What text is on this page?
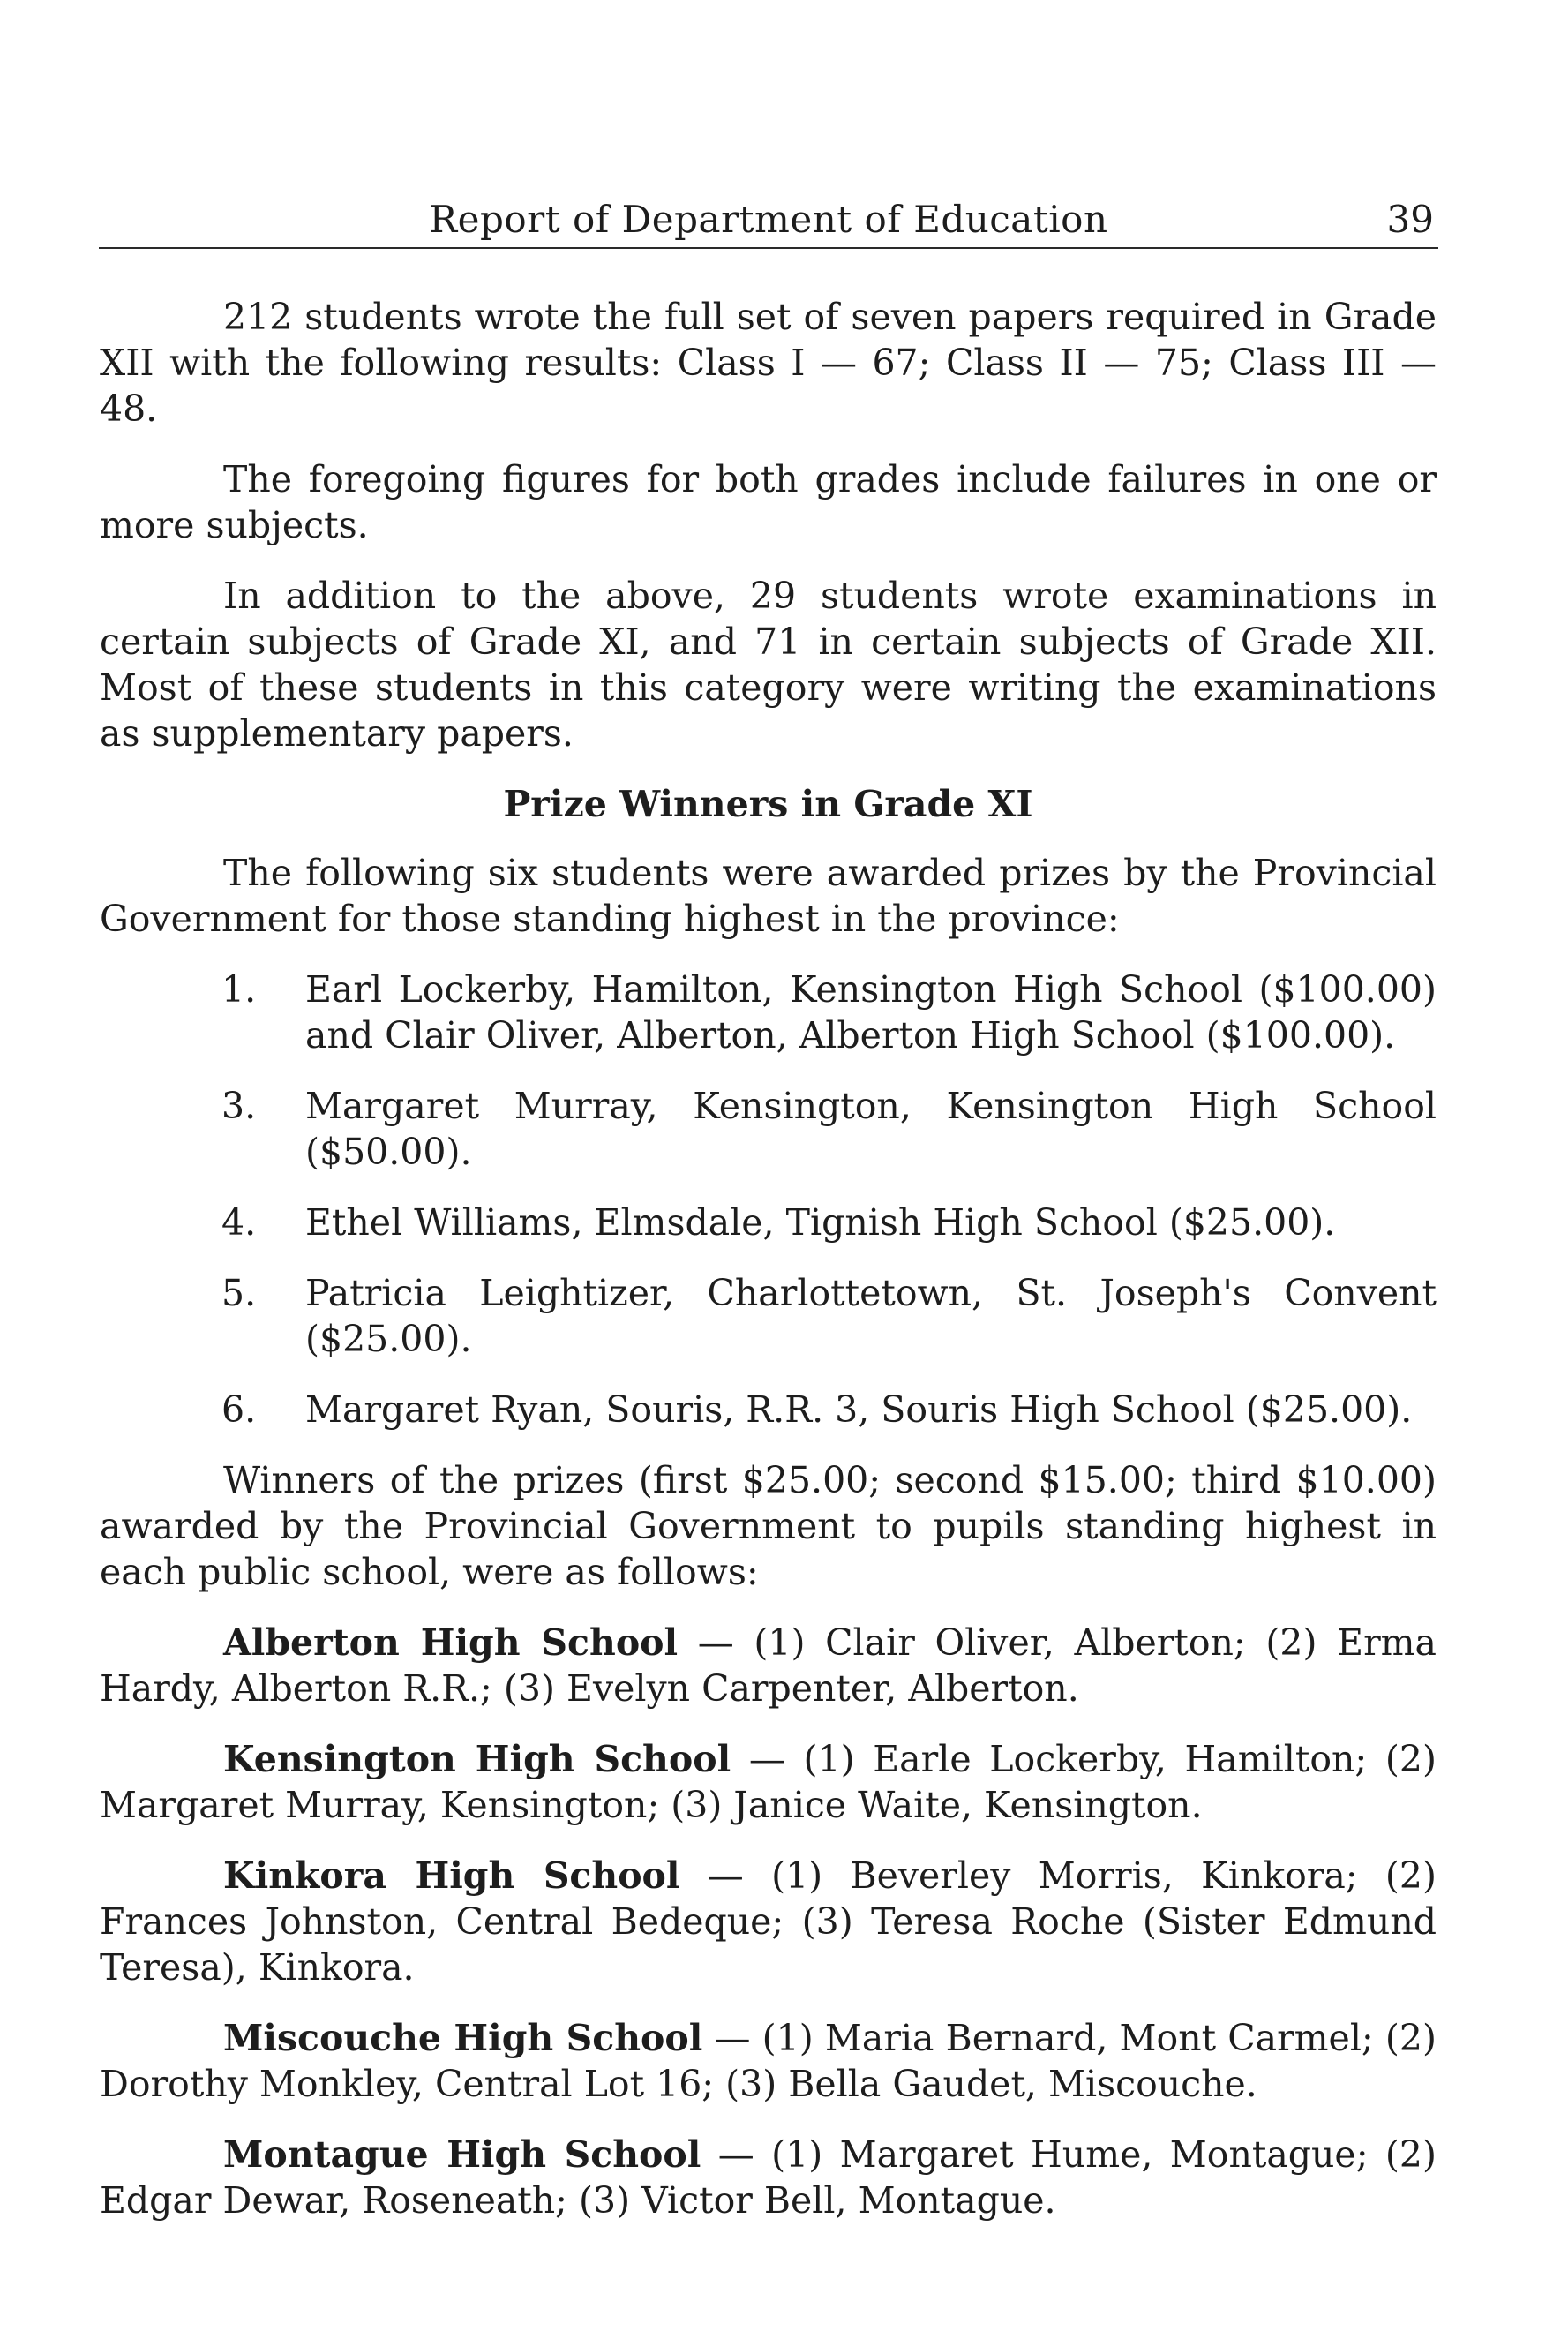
Report of Department of Education	39

212 students wrote the full set of seven papers required in Grade XII with the following results: Class I — 67; Class II — 75; Class III — 48.

The foregoing figures for both grades include failures in one or more subjects.

In addition to the above, 29 students wrote examinations in certain subjects of Grade XI, and 71 in certain subjects of Grade XII. Most of these students in this category were writing the examinations as supplementary papers.

Prize Winners in Grade XI

The following six students were awarded prizes by the Provincial Government for those standing highest in the province:

1. Earl Lockerby, Hamilton, Kensington High School ($100.00) and Clair Oliver, Alberton, Alberton High School ($100.00).
3. Margaret Murray, Kensington, Kensington High School ($50.00).
4. Ethel Williams, Elmsdale, Tignish High School ($25.00).
5. Patricia Leightizer, Charlottetown, St. Joseph's Convent ($25.00).
6. Margaret Ryan, Souris, R.R. 3, Souris High School ($25.00).

Winners of the prizes (first $25.00; second $15.00; third $10.00) awarded by the Provincial Government to pupils standing highest in each public school, were as follows:

Alberton High School — (1) Clair Oliver, Alberton; (2) Erma Hardy, Alberton R.R.; (3) Evelyn Carpenter, Alberton.

Kensington High School — (1) Earle Lockerby, Hamilton; (2) Margaret Murray, Kensington; (3) Janice Waite, Kensington.

Kinkora High School — (1) Beverley Morris, Kinkora; (2) Frances Johnston, Central Bedeque; (3) Teresa Roche (Sister Edmund Teresa), Kinkora.

Miscouche High School — (1) Maria Bernard, Mont Carmel; (2) Dorothy Monkley, Central Lot 16; (3) Bella Gaudet, Miscouche.

Montague High School — (1) Margaret Hume, Montague; (2) Edgar Dewar, Roseneath; (3) Victor Bell, Montague.
